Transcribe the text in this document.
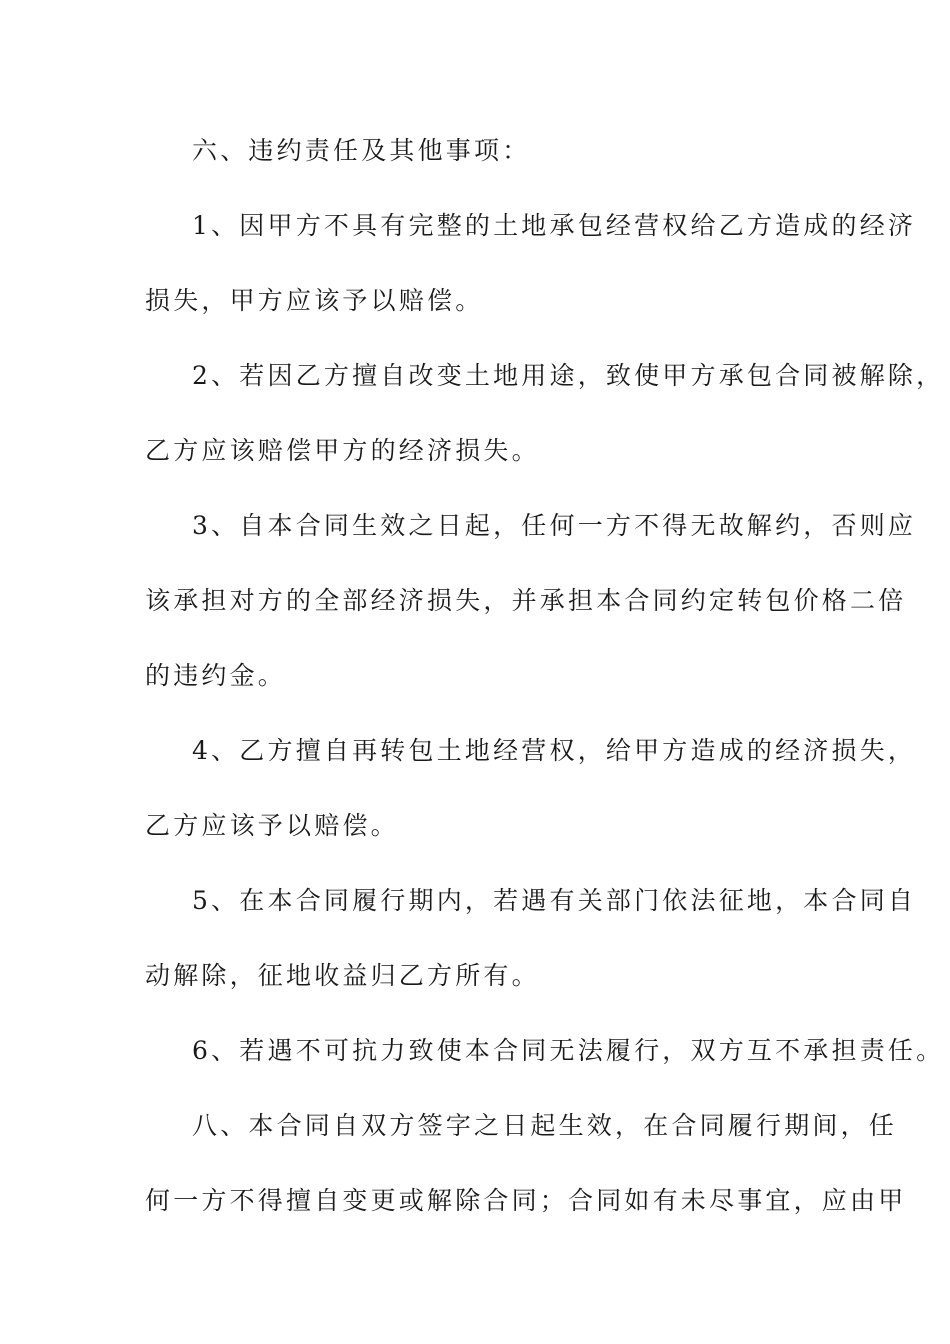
六、违约责任及其他事项：
1、因甲方不具有完整的土地承包经营权给乙方造成的经济
损失，甲方应该予以赔偿。
2、若因乙方擅自改变土地用途，致使甲方承包合同被解除，
乙方应该赔偿甲方的经济损失。
3、自本合同生效之日起，任何一方不得无故解约，否则应
该承担对方的全部经济损失，并承担本合同约定转包价格二倍
的违约金。
4、乙方擅自再转包土地经营权，给甲方造成的经济损失，
乙方应该予以赔偿。
5、在本合同履行期内，若遇有关部门依法征地，本合同自
动解除，征地收益归乙方所有。
6、若遇不可抗力致使本合同无法履行，双方互不承担责任。
八、本合同自双方签字之日起生效，在合同履行期间，任
何一方不得擅自变更或解除合同；合同如有未尽事宜，应由甲
